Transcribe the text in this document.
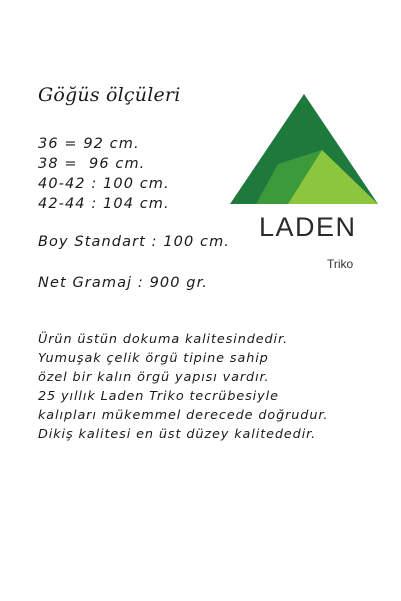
Göğüs ölçüleri
36 = 92 cm.
38 =  96 cm.
40-42 : 100 cm.
42-44 : 104 cm.
Boy Standart : 100 cm.
Net Gramaj : 900 gr.
Ürün üstün dokuma kalitesindedir.
Yumuşak çelik örgü tipine sahip
özel bir kalın örgü yapısı vardır.
25 yıllık Laden Triko tecrübesiyle
kalıpları mükemmel derecede doğrudur.
Dikiş kalitesi en üst düzey kalitededir.
LADEN
Triko
